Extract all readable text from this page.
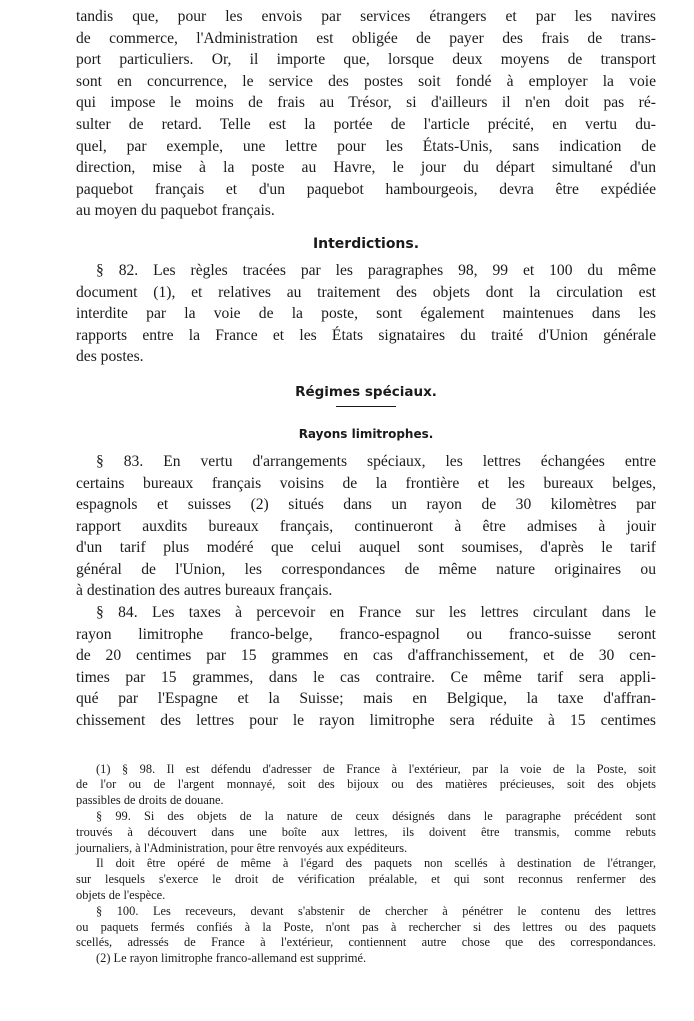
tandis que, pour les envois par services étrangers et par les navires
de commerce, l'Administration est obligée de payer des frais de trans-
port particuliers. Or, il importe que, lorsque deux moyens de transport
sont en concurrence, le service des postes soit fondé à employer la voie
qui impose le moins de frais au Trésor, si d'ailleurs il n'en doit pas ré-
sulter de retard. Telle est la portée de l'article précité, en vertu du-
quel, par exemple, une lettre pour les États-Unis, sans indication de
direction, mise à la poste au Havre, le jour du départ simultané d'un
paquebot français et d'un paquebot hambourgeois, devra être expédiée
au moyen du paquebot français.
Interdictions.
§ 82. Les règles tracées par les paragraphes 98, 99 et 100 du même
document (1), et relatives au traitement des objets dont la circulation est
interdite par la voie de la poste, sont également maintenues dans les
rapports entre la France et les États signataires du traité d'Union générale
des postes.
Régimes spéciaux.
Rayons limitrophes.
§ 83. En vertu d'arrangements spéciaux, les lettres échangées entre
certains bureaux français voisins de la frontière et les bureaux belges,
espagnols et suisses (2) situés dans un rayon de 30 kilomètres par
rapport auxdits bureaux français, continueront à être admises à jouir
d'un tarif plus modéré que celui auquel sont soumises, d'après le tarif
général de l'Union, les correspondances de même nature originaires ou
à destination des autres bureaux français.
§ 84. Les taxes à percevoir en France sur les lettres circulant dans le
rayon limitrophe franco-belge, franco-espagnol ou franco-suisse seront
de 20 centimes par 15 grammes en cas d'affranchissement, et de 30 cen-
times par 15 grammes, dans le cas contraire. Ce même tarif sera appli-
qué par l'Espagne et la Suisse; mais en Belgique, la taxe d'affran-
chissement des lettres pour le rayon limitrophe sera réduite à 15 centimes

(1) § 98. Il est défendu d'adresser de France à l'extérieur, par la voie de la Poste, soit
de l'or ou de l'argent monnayé, soit des bijoux ou des matières précieuses, soit des objets
passibles de droits de douane.

§ 99. Si des objets de la nature de ceux désignés dans le paragraphe précédent sont
trouvés à découvert dans une boîte aux lettres, ils doivent être transmis, comme rebuts
journaliers, à l'Administration, pour être renvoyés aux expéditeurs.

Il doit être opéré de même à l'égard des paquets non scellés à destination de l'étranger,
sur lesquels s'exerce le droit de vérification préalable, et qui sont reconnus renfermer des
objets de l'espèce.

§ 100. Les receveurs, devant s'abstenir de chercher à pénétrer le contenu des lettres
ou paquets fermés confiés à la Poste, n'ont pas à rechercher si des lettres ou des paquets
scellés, adressés de France à l'extérieur, contiennent autre chose que des correspondances.

(2) Le rayon limitrophe franco-allemand est supprimé.
